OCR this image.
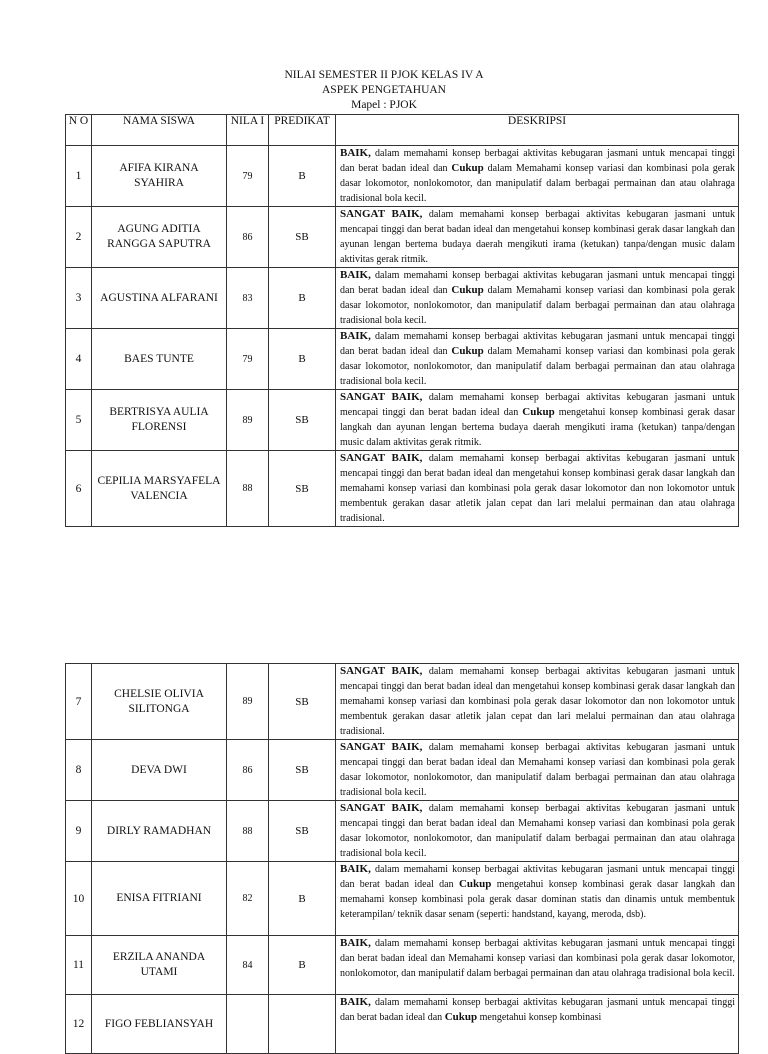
NILAI SEMESTER II PJOK KELAS IV A
ASPEK PENGETAHUAN
Mapel : PJOK
N O	NAMA SISWA	NILA I	PREDIKAT	DESKRIPSI
1	AFIFA KIRANA SYAHIRA	79	B	BAIK, dalam memahami konsep berbagai aktivitas kebugaran jasmani untuk mencapai tinggi dan berat badan ideal dan Cukup dalam Memahami konsep variasi dan kombinasi pola gerak dasar lokomotor, nonlokomotor, dan manipulatif dalam berbagai permainan dan atau olahraga tradisional bola kecil.
2	AGUNG ADITIA RANGGA SAPUTRA	86	SB	SANGAT BAIK, dalam memahami konsep berbagai aktivitas kebugaran jasmani untuk mencapai tinggi dan berat badan ideal dan mengetahui konsep kombinasi gerak dasar langkah dan ayunan lengan bertema budaya daerah mengikuti irama (ketukan) tanpa/dengan music dalam aktivitas gerak ritmik.
3	AGUSTINA ALFARANI	83	B	BAIK, dalam memahami konsep berbagai aktivitas kebugaran jasmani untuk mencapai tinggi dan berat badan ideal dan Cukup dalam Memahami konsep variasi dan kombinasi pola gerak dasar lokomotor, nonlokomotor, dan manipulatif dalam berbagai permainan dan atau olahraga tradisional bola kecil.
4	BAES TUNTE	79	B	BAIK, dalam memahami konsep berbagai aktivitas kebugaran jasmani untuk mencapai tinggi dan berat badan ideal dan Cukup dalam Memahami konsep variasi dan kombinasi pola gerak dasar lokomotor, nonlokomotor, dan manipulatif dalam berbagai permainan dan atau olahraga tradisional bola kecil.
5	BERTRISYA AULIA FLORENSI	89	SB	SANGAT BAIK, dalam memahami konsep berbagai aktivitas kebugaran jasmani untuk mencapai tinggi dan berat badan ideal dan Cukup mengetahui konsep kombinasi gerak dasar langkah dan ayunan lengan bertema budaya daerah mengikuti irama (ketukan) tanpa/dengan music dalam aktivitas gerak ritmik.
6	CEPILIA MARSYAFELA VALENCIA	88	SB	SANGAT BAIK, dalam memahami konsep berbagai aktivitas kebugaran jasmani untuk mencapai tinggi dan berat badan ideal dan mengetahui konsep kombinasi gerak dasar langkah dan memahami konsep variasi dan kombinasi pola gerak dasar lokomotor dan non lokomotor untuk membentuk gerakan dasar atletik jalan cepat dan lari melalui permainan dan atau olahraga tradisional.
7	CHELSIE OLIVIA SILITONGA	89	SB	SANGAT BAIK, dalam memahami konsep berbagai aktivitas kebugaran jasmani untuk mencapai tinggi dan berat badan ideal dan mengetahui konsep kombinasi gerak dasar langkah dan memahami konsep variasi dan kombinasi pola gerak dasar lokomotor dan non lokomotor untuk membentuk gerakan dasar atletik jalan cepat dan lari melalui permainan dan atau olahraga tradisional.
8	DEVA DWI	86	SB	SANGAT BAIK, dalam memahami konsep berbagai aktivitas kebugaran jasmani untuk mencapai tinggi dan berat badan ideal dan Memahami konsep variasi dan kombinasi pola gerak dasar lokomotor, nonlokomotor, dan manipulatif dalam berbagai permainan dan atau olahraga tradisional bola kecil.
9	DIRLY RAMADHAN	88	SB	SANGAT BAIK, dalam memahami konsep berbagai aktivitas kebugaran jasmani untuk mencapai tinggi dan berat badan ideal dan Memahami konsep variasi dan kombinasi pola gerak dasar lokomotor, nonlokomotor, dan manipulatif dalam berbagai permainan dan atau olahraga tradisional bola kecil.
10	ENISA FITRIANI	82	B	BAIK, dalam memahami konsep berbagai aktivitas kebugaran jasmani untuk mencapai tinggi dan berat badan ideal dan Cukup mengetahui konsep kombinasi gerak dasar langkah dan memahami konsep kombinasi pola gerak dasar dominan statis dan dinamis untuk membentuk keterampilan/ teknik dasar senam (seperti: handstand, kayang, meroda, dsb).
11	ERZILA ANANDA UTAMI	84	B	BAIK, dalam memahami konsep berbagai aktivitas kebugaran jasmani untuk mencapai tinggi dan berat badan ideal dan Memahami konsep variasi dan kombinasi pola gerak dasar lokomotor, nonlokomotor, dan manipulatif dalam berbagai permainan dan atau olahraga tradisional bola kecil.
12	FIGO FEBLIANSYAH			BAIK, dalam memahami konsep berbagai aktivitas kebugaran jasmani untuk mencapai tinggi dan berat badan ideal dan Cukup mengetahui konsep kombinasi
